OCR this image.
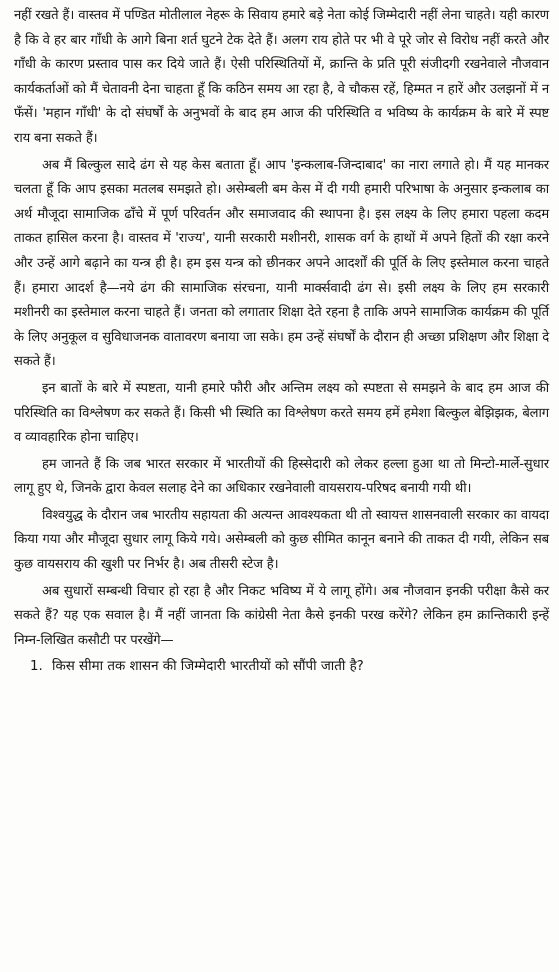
नहीं रखते हैं। वास्तव में पण्डित मोतीलाल नेहरू के सिवाय हमारे बड़े नेता कोई जिम्मेदारी नहीं लेना चाहते। यही कारण है कि वे हर बार गाँधी के आगे बिना शर्त घुटने टेक देते हैं। अलग राय होते पर भी वे पूरे जोर से विरोध नहीं करते और गाँधी के कारण प्रस्ताव पास कर दिये जाते हैं। ऐसी परिस्थितियों में, क्रान्ति के प्रति पूरी संजीदगी रखनेवाले नौजवान कार्यकर्ताओं को मैं चेतावनी देना चाहता हूँ कि कठिन समय आ रहा है, वे चौकस रहें, हिम्मत न हारें और उलझनों में न फँसें। 'महान गाँधी' के दो संघर्षों के अनुभवों के बाद हम आज की परिस्थिति व भविष्य के कार्यक्रम के बारे में स्पष्ट राय बना सकते हैं।

अब मैं बिल्कुल सादे ढंग से यह केस बताता हूँ। आप 'इन्कलाब-जिन्दाबाद' का नारा लगाते हो। मैं यह मानकर चलता हूँ कि आप इसका मतलब समझते हो। असेम्बली बम केस में दी गयी हमारी परिभाषा के अनुसार इन्कलाब का अर्थ मौजूदा सामाजिक ढाँचे में पूर्ण परिवर्तन और समाजवाद की स्थापना है। इस लक्ष्य के लिए हमारा पहला कदम ताकत हासिल करना है। वास्तव में 'राज्य', यानी सरकारी मशीनरी, शासक वर्ग के हाथों में अपने हितों की रक्षा करने और उन्हें आगे बढ़ाने का यन्त्र ही है। हम इस यन्त्र को छीनकर अपने आदर्शों की पूर्ति के लिए इस्तेमाल करना चाहते हैं। हमारा आदर्श है—नये ढंग की सामाजिक संरचना, यानी मार्क्सवादी ढंग से। इसी लक्ष्य के लिए हम सरकारी मशीनरी का इस्तेमाल करना चाहते हैं। जनता को लगातार शिक्षा देते रहना है ताकि अपने सामाजिक कार्यक्रम की पूर्ति के लिए अनुकूल व सुविधाजनक वातावरण बनाया जा सके। हम उन्हें संघर्षों के दौरान ही अच्छा प्रशिक्षण और शिक्षा दे सकते हैं।

इन बातों के बारे में स्पष्टता, यानी हमारे फौरी और अन्तिम लक्ष्य को स्पष्टता से समझने के बाद हम आज की परिस्थिति का विश्लेषण कर सकते हैं। किसी भी स्थिति का विश्लेषण करते समय हमें हमेशा बिल्कुल बेझिझक, बेलाग व व्यावहारिक होना चाहिए।

हम जानते हैं कि जब भारत सरकार में भारतीयों की हिस्सेदारी को लेकर हल्ला हुआ था तो मिन्टो-मार्ले-सुधार लागू हुए थे, जिनके द्वारा केवल सलाह देने का अधिकार रखनेवाली वायसराय-परिषद बनायी गयी थी।

विश्वयुद्ध के दौरान जब भारतीय सहायता की अत्यन्त आवश्यकता थी तो स्वायत्त शासनवाली सरकार का वायदा किया गया और मौजूदा सुधार लागू किये गये। असेम्बली को कुछ सीमित कानून बनाने की ताकत दी गयी, लेकिन सब कुछ वायसराय की खुशी पर निर्भर है। अब तीसरी स्टेज है।

अब सुधारों सम्बन्धी विचार हो रहा है और निकट भविष्य में ये लागू होंगे। अब नौजवान इनकी परीक्षा कैसे कर सकते हैं? यह एक सवाल है। मैं नहीं जानता कि कांग्रेसी नेता कैसे इनकी परख करेंगे? लेकिन हम क्रान्तिकारी इन्हें निम्न-लिखित कसौटी पर परखेंगे—

1. किस सीमा तक शासन की जिम्मेदारी भारतीयों को सौंपी जाती है?
